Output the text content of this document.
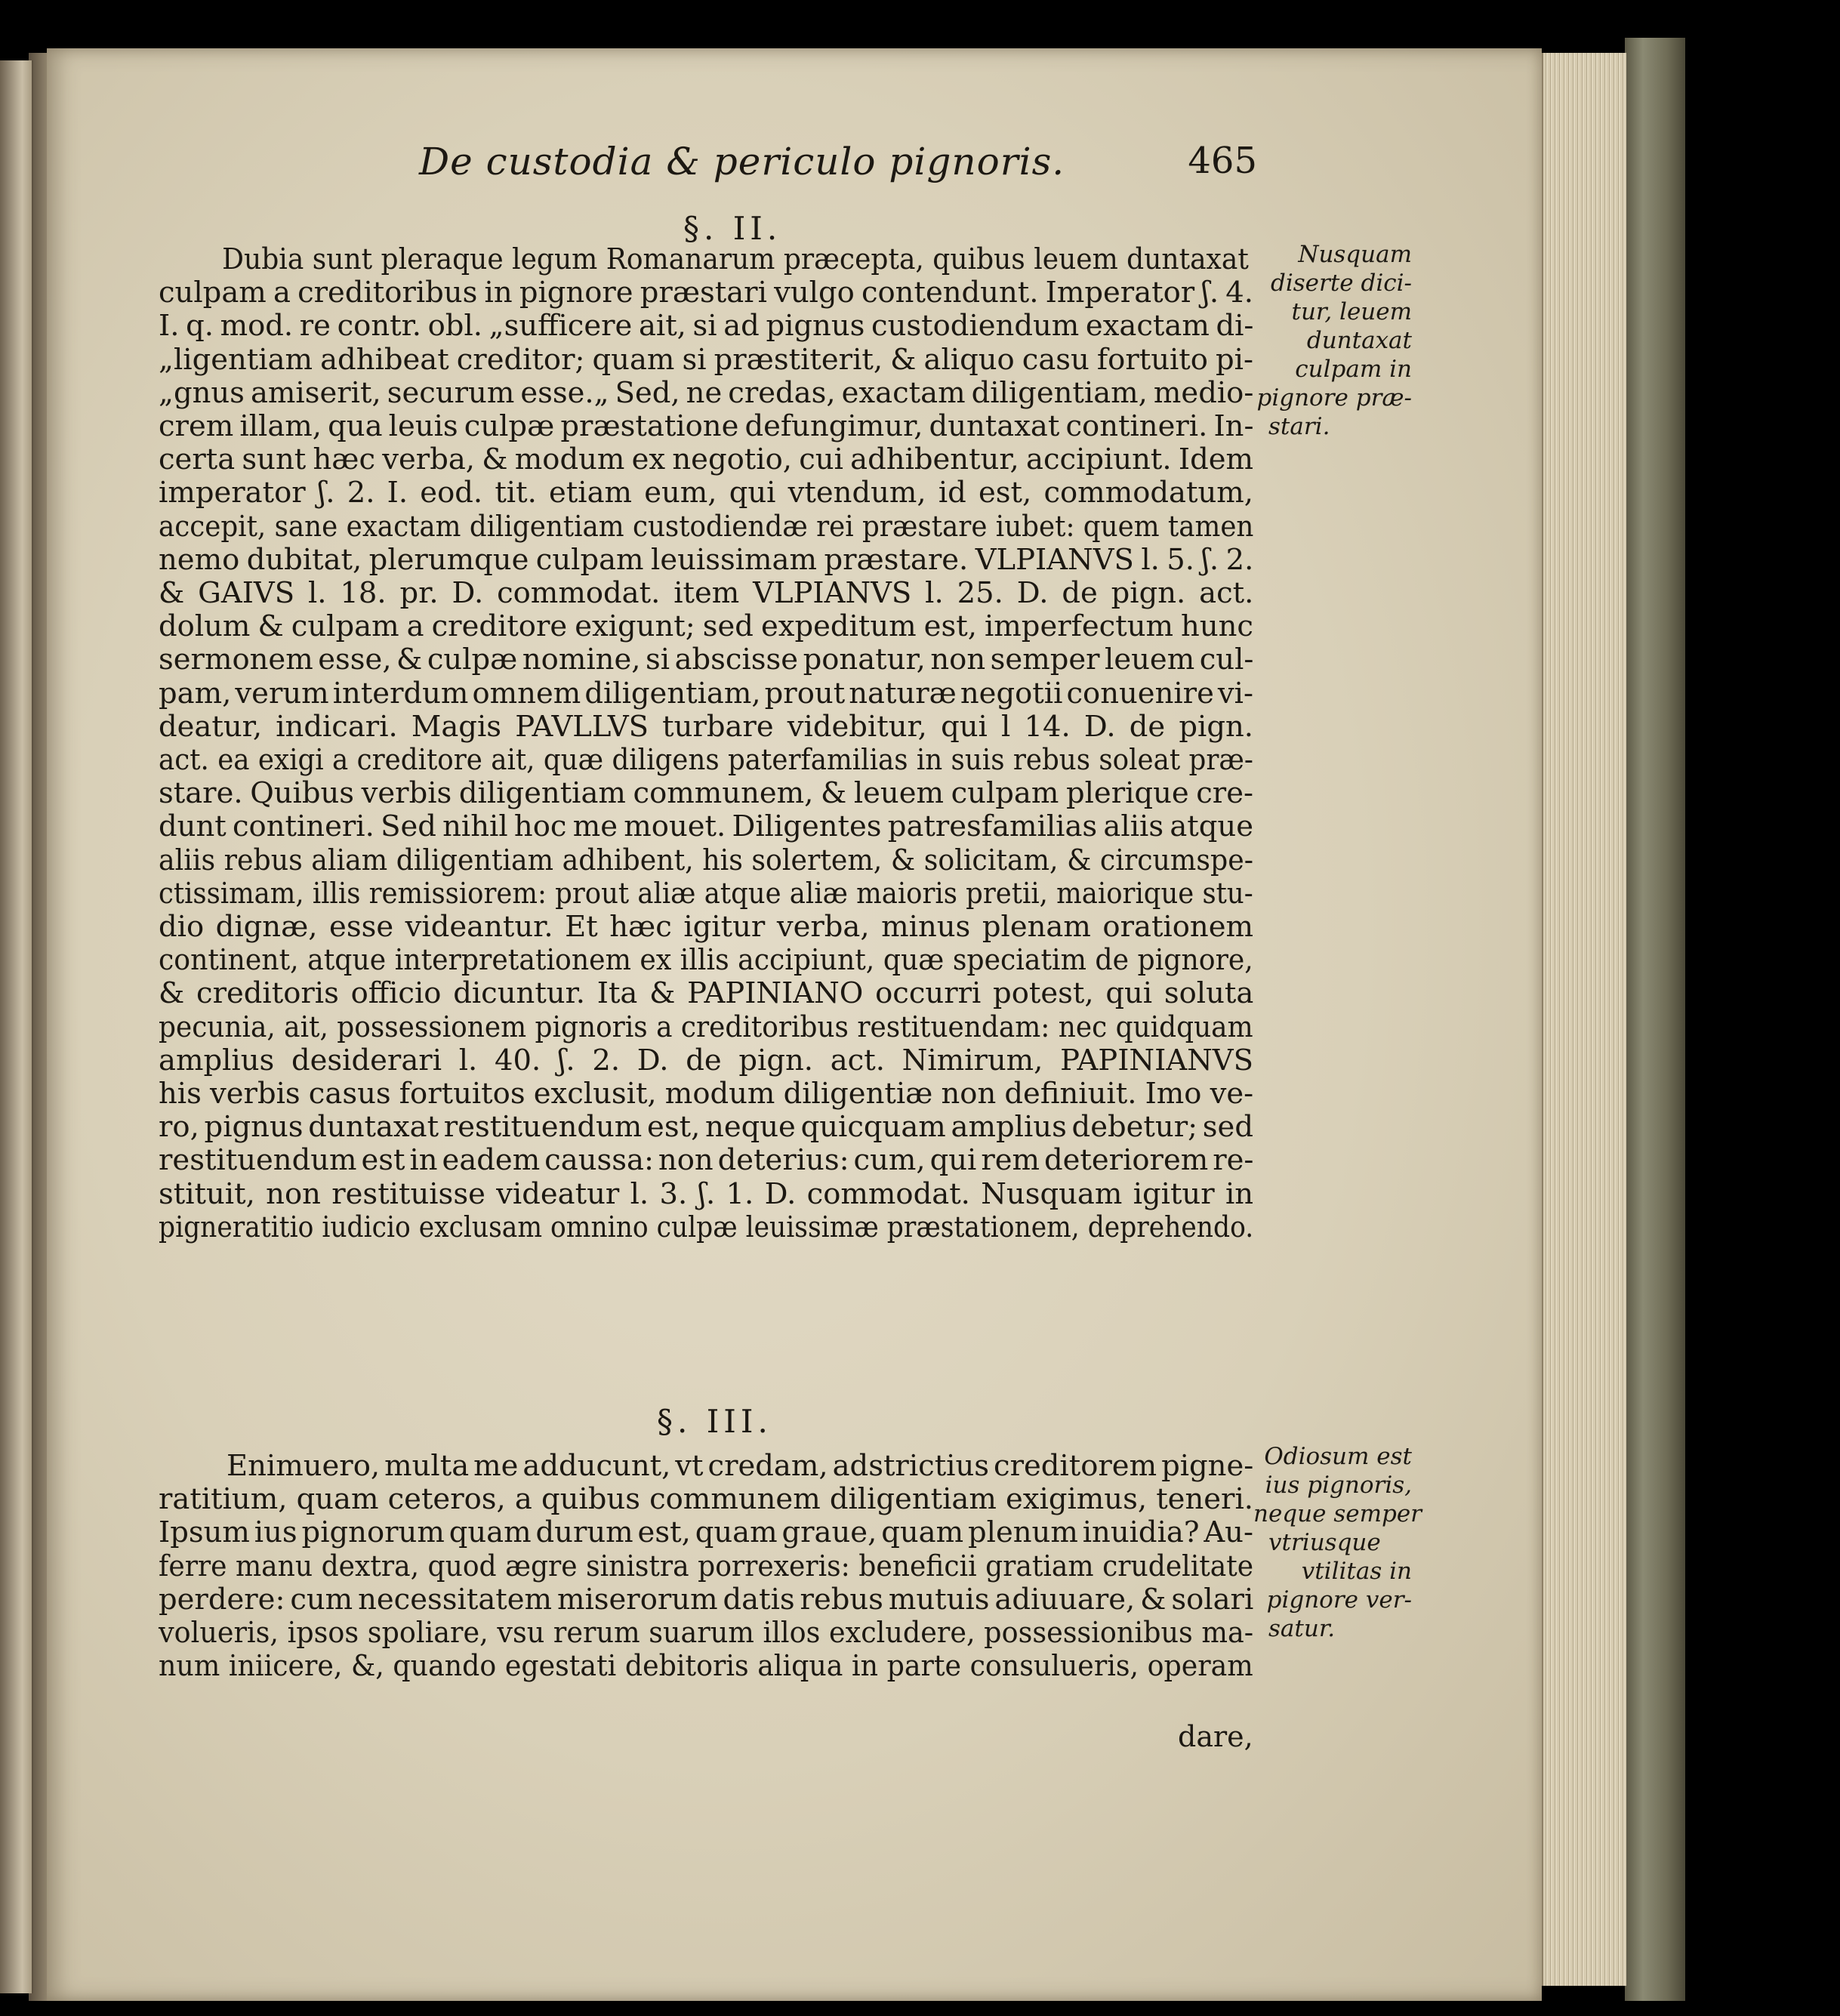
De custodia & periculo pignoris.	465
§. II.
Dubia sunt pleraque legum Romanarum præcepta, quibus leuem duntaxat
culpam a creditoribus in pignore præstari vulgo contendunt. Imperator ʃ. 4.
I. q. mod. re contr. obl. „sufficere ait, si ad pignus custodiendum exactam di-
„ligentiam adhibeat creditor; quam si præstiterit, & aliquo casu fortuito pi-
„gnus amiserit, securum esse.„ Sed, ne credas, exactam diligentiam, medio-
crem illam, qua leuis culpæ præstatione defungimur, duntaxat contineri. In-
certa sunt hæc verba, & modum ex negotio, cui adhibentur, accipiunt. Idem
imperator ʃ. 2. I. eod. tit. etiam eum, qui vtendum, id est, commodatum,
accepit, sane exactam diligentiam custodiendæ rei præstare iubet: quem tamen
nemo dubitat, plerumque culpam leuissimam præstare. VLPIANVS l. 5. ʃ. 2.
& GAIVS l. 18. pr. D. commodat. item VLPIANVS l. 25. D. de pign. act.
dolum & culpam a creditore exigunt; sed expeditum est, imperfectum hunc
sermonem esse, & culpæ nomine, si abscisse ponatur, non semper leuem cul-
pam, verum interdum omnem diligentiam, prout naturæ negotii conuenire vi-
deatur, indicari. Magis PAVLLVS turbare videbitur, qui l 14. D. de pign.
act. ea exigi a creditore ait, quæ diligens paterfamilias in suis rebus soleat præ-
stare. Quibus verbis diligentiam communem, & leuem culpam plerique cre-
dunt contineri. Sed nihil hoc me mouet. Diligentes patresfamilias aliis atque
aliis rebus aliam diligentiam adhibent, his solertem, & solicitam, & circumspe-
ctissimam, illis remissiorem: prout aliæ atque aliæ maioris pretii, maiorique stu-
dio dignæ, esse videantur. Et hæc igitur verba, minus plenam orationem
continent, atque interpretationem ex illis accipiunt, quæ speciatim de pignore,
& creditoris officio dicuntur. Ita & PAPINIANO occurri potest, qui soluta
pecunia, ait, possessionem pignoris a creditoribus restituendam: nec quidquam
amplius desiderari l. 40. ʃ. 2. D. de pign. act. Nimirum, PAPINIANVS
his verbis casus fortuitos exclusit, modum diligentiæ non definiuit. Imo ve-
ro, pignus duntaxat restituendum est, neque quicquam amplius debetur; sed
restituendum est in eadem caussa: non deterius: cum, qui rem deteriorem re-
stituit, non restituisse videatur l. 3. ʃ. 1. D. commodat. Nusquam igitur in
pigneratitio iudicio exclusam omnino culpæ leuissimæ præstationem, deprehendo.
Nusquam
diserte dici-
tur, leuem
duntaxat
culpam in
pignore præ-
stari.
§. III.
Enimuero, multa me adducunt, vt credam, adstrictius creditorem pigne-
ratitium, quam ceteros, a quibus communem diligentiam exigimus, teneri.
Ipsum ius pignorum quam durum est, quam graue, quam plenum inuidia? Au-
ferre manu dextra, quod ægre sinistra porrexeris: beneficii gratiam crudelitate
perdere: cum necessitatem miserorum datis rebus mutuis adiuuare, & solari
volueris, ipsos spoliare, vsu rerum suarum illos excludere, possessionibus ma-
num iniicere, &, quando egestati debitoris aliqua in parte consulueris, operam
Odiosum est
ius pignoris,
neque semper
vtriusque
vtilitas in
pignore ver-
satur.
dare,
